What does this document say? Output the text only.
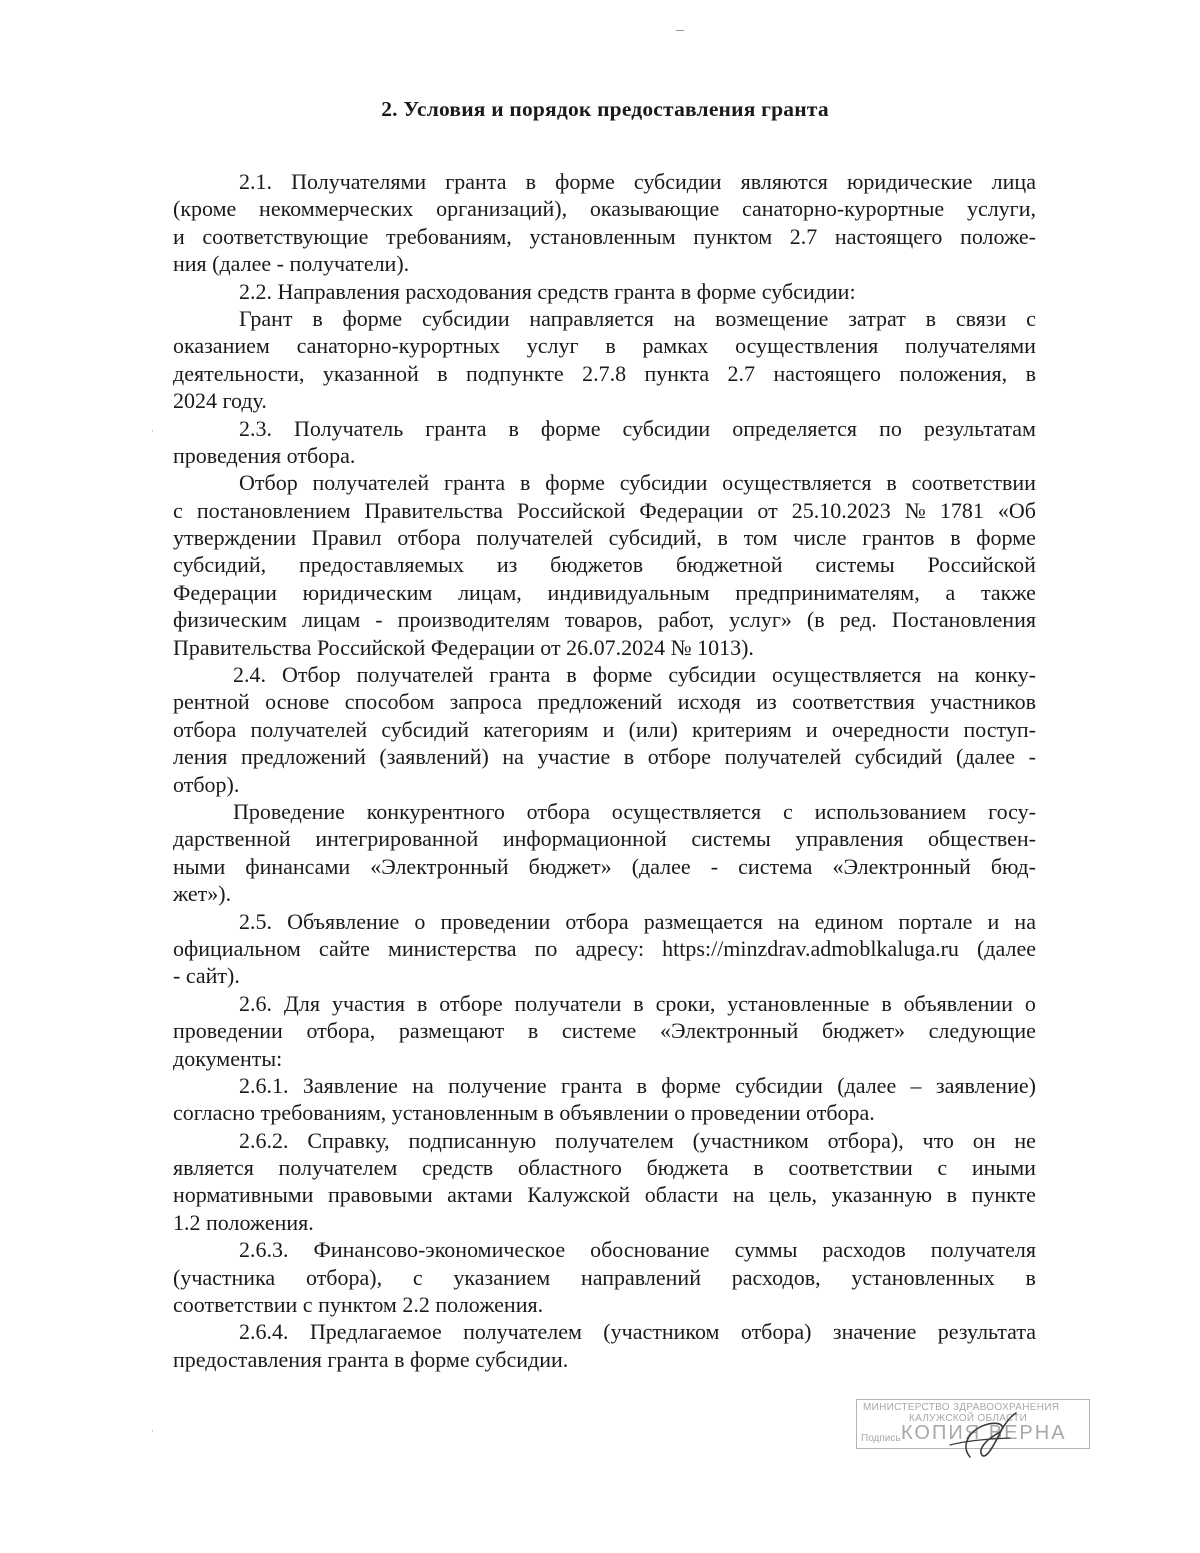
2. Условия и порядок предоставления гранта
2.1. Получателями гранта в форме субсидии являются юридические лица
(кроме некоммерческих организаций), оказывающие санаторно-курортные услуги,
и соответствующие требованиям, установленным пунктом 2.7 настоящего положе-
ния (далее - получатели).
2.2. Направления расходования средств гранта в форме субсидии:
Грант в форме субсидии направляется на возмещение затрат в связи с
оказанием санаторно-курортных услуг в рамках осуществления получателями
деятельности, указанной в подпункте 2.7.8 пункта 2.7 настоящего положения, в
2024 году.
2.3. Получатель гранта в форме субсидии определяется по результатам
проведения отбора.
Отбор получателей гранта в форме субсидии осуществляется в соответствии
с постановлением Правительства Российской Федерации от 25.10.2023 № 1781 «Об
утверждении Правил отбора получателей субсидий, в том числе грантов в форме
субсидий, предоставляемых из бюджетов бюджетной системы Российской
Федерации юридическим лицам, индивидуальным предпринимателям, а также
физическим лицам - производителям товаров, работ, услуг» (в ред. Постановления
Правительства Российской Федерации от 26.07.2024 № 1013).
2.4. Отбор получателей гранта в форме субсидии осуществляется на конку-
рентной основе способом запроса предложений исходя из соответствия участников
отбора получателей субсидий категориям и (или) критериям и очередности поступ-
ления предложений (заявлений) на участие в отборе получателей субсидий (далее -
отбор).
Проведение конкурентного отбора осуществляется с использованием госу-
дарственной интегрированной информационной системы управления обществен-
ными финансами «Электронный бюджет» (далее - система «Электронный бюд-
жет»).
2.5. Объявление о проведении отбора размещается на едином портале и на
официальном сайте министерства по адресу: https://minzdrav.admoblkaluga.ru (далее
- сайт).
2.6. Для участия в отборе получатели в сроки, установленные в объявлении о
проведении отбора, размещают в системе «Электронный бюджет» следующие
документы:
2.6.1. Заявление на получение гранта в форме субсидии (далее – заявление)
согласно требованиям, установленным в объявлении о проведении отбора.
2.6.2. Справку, подписанную получателем (участником отбора), что он не
является получателем средств областного бюджета в соответствии с иными
нормативными правовыми актами Калужской области на цель, указанную в пункте
1.2 положения.
2.6.3. Финансово-экономическое обоснование суммы расходов получателя
(участника отбора), с указанием направлений расходов, установленных в
соответствии с пунктом 2.2 положения.
2.6.4. Предлагаемое получателем (участником отбора) значение результата
предоставления гранта в форме субсидии.
МИНИСТЕРСТВО ЗДРАВООХРАНЕНИЯ
КАЛУЖСКОЙ ОБЛАСТИ
КОПИЯ ВЕРНА
Подпись
